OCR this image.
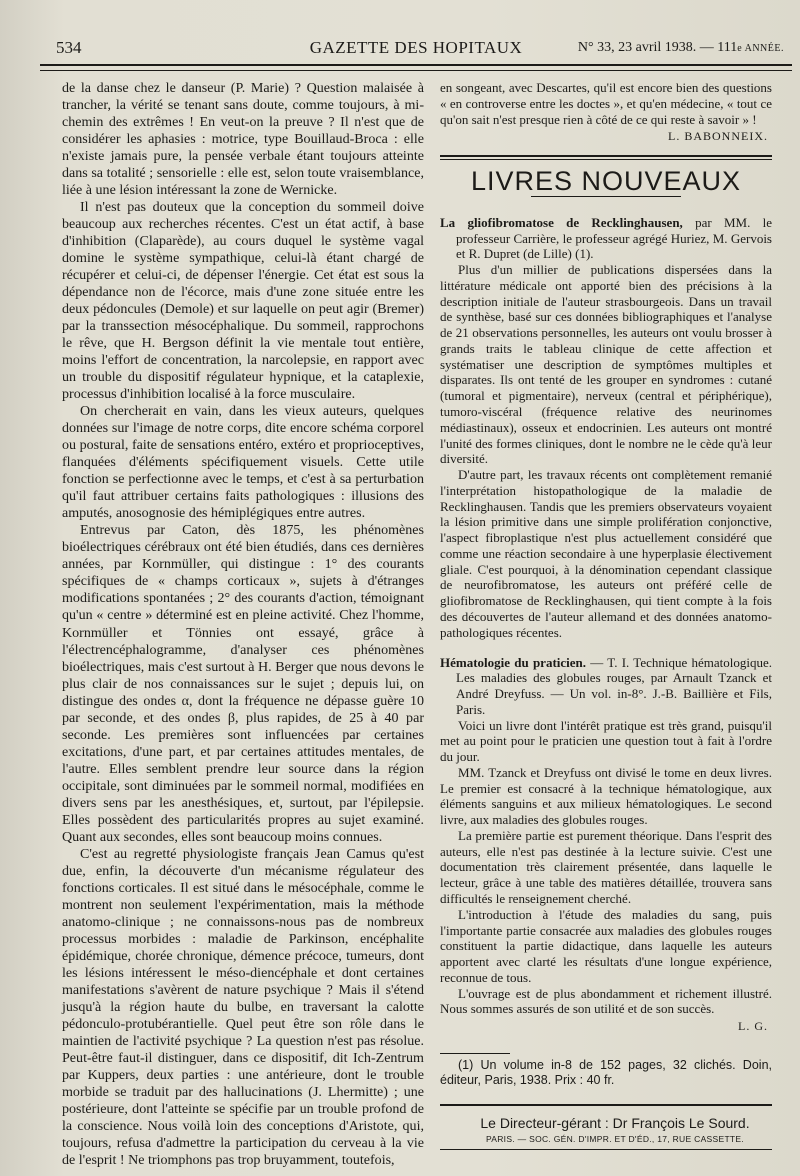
534	GAZETTE DES HOPITAUX	N° 33, 23 avril 1938. — 111e ANNÉE.

de la danse chez le danseur (P. Marie) ? Question malaisée à trancher, la vérité se tenant sans doute, comme toujours, à mi-chemin des extrêmes ! En veut-on la preuve ? Il n'est que de considérer les aphasies : motrice, type Bouillaud-Broca : elle n'existe jamais pure, la pensée verbale étant toujours atteinte dans sa totalité ; sensorielle : elle est, selon toute vraisemblance, liée à une lésion intéressant la zone de Wernicke.

Il n'est pas douteux que la conception du sommeil doive beaucoup aux recherches récentes. C'est un état actif, à base d'inhibition (Claparède), au cours duquel le système vagal domine le système sympathique, celui-là étant chargé de récupérer et celui-ci, de dépenser l'énergie. Cet état est sous la dépendance non de l'écorce, mais d'une zone située entre les deux pédoncules (Demole) et sur laquelle on peut agir (Bremer) par la transsection mésocéphalique. Du sommeil, rapprochons le rêve, que H. Bergson définit la vie mentale tout entière, moins l'effort de concentration, la narcolepsie, en rapport avec un trouble du dispositif régulateur hypnique, et la cataplexie, processus d'inhibition localisé à la force musculaire.

On chercherait en vain, dans les vieux auteurs, quelques données sur l'image de notre corps, dite encore schéma corporel ou postural, faite de sensations entéro, extéro et proprioceptives, flanquées d'éléments spécifiquement visuels. Cette utile fonction se perfectionne avec le temps, et c'est à sa perturbation qu'il faut attribuer certains faits pathologiques : illusions des amputés, anosognosie des hémiplégiques entre autres.

Entrevus par Caton, dès 1875, les phénomènes bioélectriques cérébraux ont été bien étudiés, dans ces dernières années, par Kornmüller, qui distingue : 1° des courants spécifiques de « champs corticaux », sujets à d'étranges modifications spontanées ; 2° des courants d'action, témoignant qu'un « centre » déterminé est en pleine activité. Chez l'homme, Kornmüller et Tönnies ont essayé, grâce à l'électrencéphalogramme, d'analyser ces phénomènes bioélectriques, mais c'est surtout à H. Berger que nous devons le plus clair de nos connaissances sur le sujet ; depuis lui, on distingue des ondes α, dont la fréquence ne dépasse guère 10 par seconde, et des ondes β, plus rapides, de 25 à 40 par seconde. Les premières sont influencées par certaines excitations, d'une part, et par certaines attitudes mentales, de l'autre. Elles semblent prendre leur source dans la région occipitale, sont diminuées par le sommeil normal, modifiées en divers sens par les anesthésiques, et, surtout, par l'épilepsie. Elles possèdent des particularités propres au sujet examiné. Quant aux secondes, elles sont beaucoup moins connues.

C'est au regretté physiologiste français Jean Camus qu'est due, enfin, la découverte d'un mécanisme régulateur des fonctions corticales. Il est situé dans le mésocéphale, comme le montrent non seulement l'expérimentation, mais la méthode anatomo-clinique ; ne connaissons-nous pas de nombreux processus morbides : maladie de Parkinson, encéphalite épidémique, chorée chronique, démence précoce, tumeurs, dont les lésions intéressent le méso-diencéphale et dont certaines manifestations s'avèrent de nature psychique ? Mais il s'étend jusqu'à la région haute du bulbe, en traversant la calotte pédonculo-protubérantielle. Quel peut être son rôle dans le maintien de l'activité psychique ? La question n'est pas résolue. Peut-être faut-il distinguer, dans ce dispositif, dit Ich-Zentrum par Kuppers, deux parties : une antérieure, dont le trouble morbide se traduit par des hallucinations (J. Lhermitte) ; une postérieure, dont l'atteinte se spécifie par un trouble profond de la conscience. Nous voilà loin des conceptions d'Aristote, qui, toujours, refusa d'admettre la participation du cerveau à la vie de l'esprit ! Ne triomphons pas trop bruyamment, toutefois,

en songeant, avec Descartes, qu'il est encore bien des questions « en controverse entre les doctes », et qu'en médecine, « tout ce qu'on sait n'est presque rien à côté de ce qui reste à savoir » !

L. BABONNEIX.
LIVRES NOUVEAUX

La gliofibromatose de Recklinghausen, par MM. le professeur Carrière, le professeur agrégé Huriez, M. Gervois et R. Dupret (de Lille) (1).

Plus d'un millier de publications dispersées dans la littérature médicale ont apporté bien des précisions à la description initiale de l'auteur strasbourgeois. Dans un travail de synthèse, basé sur ces données bibliographiques et l'analyse de 21 observations personnelles, les auteurs ont voulu brosser à grands traits le tableau clinique de cette affection et systématiser une description de symptômes multiples et disparates. Ils ont tenté de les grouper en syndromes : cutané (tumoral et pigmentaire), nerveux (central et périphérique), tumoro-viscéral (fréquence relative des neurinomes médiastinaux), osseux et endocrinien. Les auteurs ont montré l'unité des formes cliniques, dont le nombre ne le cède qu'à leur diversité.

D'autre part, les travaux récents ont complètement remanié l'interprétation histopathologique de la maladie de Recklinghausen. Tandis que les premiers observateurs voyaient la lésion primitive dans une simple prolifération conjonctive, l'aspect fibroplastique n'est plus actuellement considéré que comme une réaction secondaire à une hyperplasie électivement gliale. C'est pourquoi, à la dénomination cependant classique de neurofibromatose, les auteurs ont préféré celle de gliofibromatose de Recklinghausen, qui tient compte à la fois des découvertes de l'auteur allemand et des données anatomo-pathologiques récentes.

Hématologie du praticien. — T. I. Technique hématologique. Les maladies des globules rouges, par Arnault Tzanck et André Dreyfuss. — Un vol. in-8°. J.-B. Baillière et Fils, Paris.

Voici un livre dont l'intérêt pratique est très grand, puisqu'il met au point pour le praticien une question tout à fait à l'ordre du jour.

MM. Tzanck et Dreyfuss ont divisé le tome en deux livres. Le premier est consacré à la technique hématologique, aux éléments sanguins et aux milieux hématologiques. Le second livre, aux maladies des globules rouges.

La première partie est purement théorique. Dans l'esprit des auteurs, elle n'est pas destinée à la lecture suivie. C'est une documentation très clairement présentée, dans laquelle le lecteur, grâce à une table des matières détaillée, trouvera sans difficultés le renseignement cherché.

L'introduction à l'étude des maladies du sang, puis l'importante partie consacrée aux maladies des globules rouges constituent la partie didactique, dans laquelle les auteurs apportent avec clarté les résultats d'une longue expérience, reconnue de tous.

L'ouvrage est de plus abondamment et richement illustré. Nous sommes assurés de son utilité et de son succès.

L. G.

(1) Un volume in-8 de 152 pages, 32 clichés. Doin, éditeur, Paris, 1938. Prix : 40 fr.

Le Directeur-gérant : Dr François Le Sourd.

PARIS. — SOC. GÉN. D'IMPR. ET D'ÉD., 17, RUE CASSETTE.
